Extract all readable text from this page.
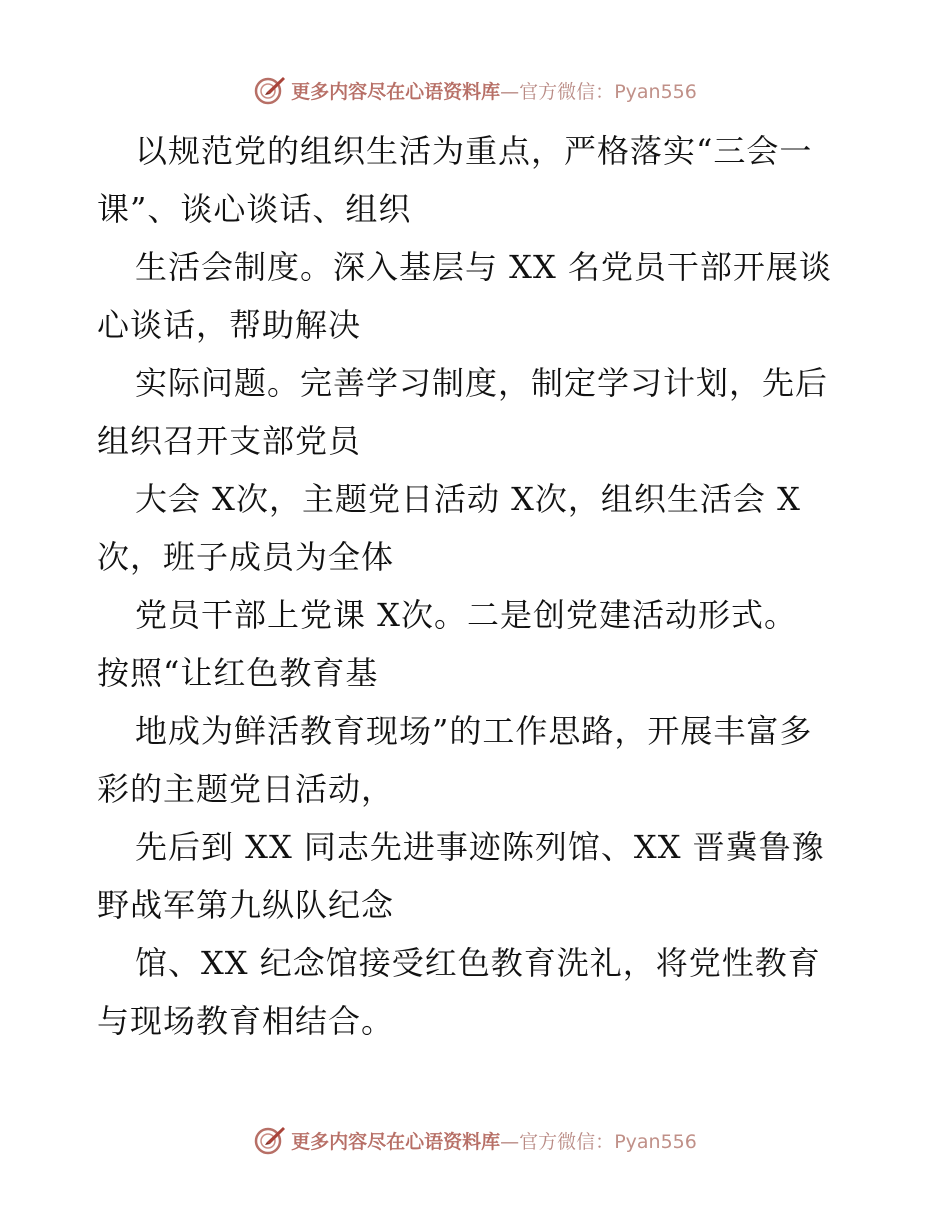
更多内容尽在心语资料库—官方微信：Pyan556
以规范党的组织生活为重点，严格落实“三会一
课”、谈心谈话、组织
生活会制度。深入基层与 XX 名党员干部开展谈
心谈话，帮助解决
实际问题。完善学习制度，制定学习计划，先后
组织召开支部党员
大会 X次，主题党日活动 X次，组织生活会 X
次，班子成员为全体
党员干部上党课 X次。二是创党建活动形式。
按照“让红色教育基
地成为鲜活教育现场”的工作思路，开展丰富多
彩的主题党日活动，
先后到 XX 同志先进事迹陈列馆、XX 晋冀鲁豫
野战军第九纵队纪念
馆、XX 纪念馆接受红色教育洗礼，将党性教育
与现场教育相结合。
更多内容尽在心语资料库—官方微信：Pyan556
